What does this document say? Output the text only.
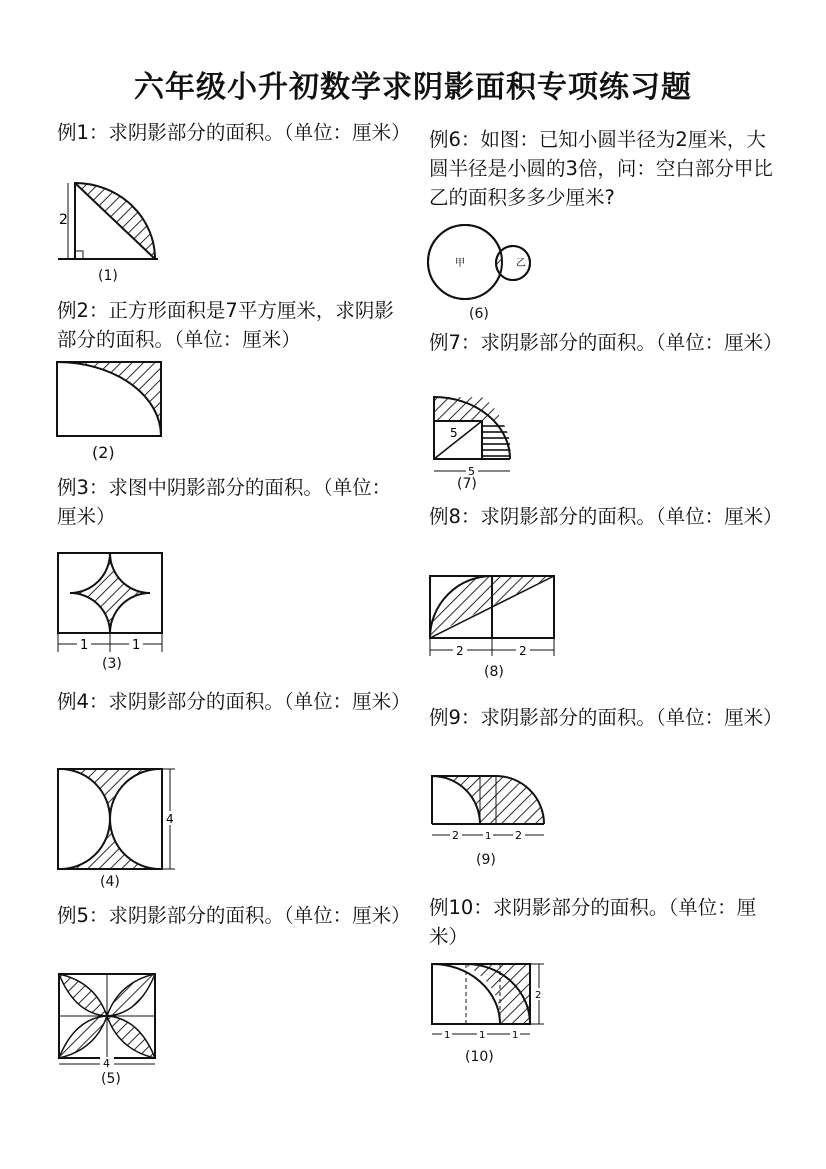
六年级小升初数学求阴影面积专项练习题
例1：求阴影部分的面积。（单位：厘米）
2
(1)
例2：正方形面积是7平方厘米，求阴影部分的面积。（单位：厘米）
(2)
例3：求图中阴影部分的面积。（单位：厘米）
1	1
(3)
例4：求阴影部分的面积。（单位：厘米）
4
(4)
例5：求阴影部分的面积。（单位：厘米）
4
(5)
例6：如图：已知小圆半径为2厘米，大圆半径是小圆的3倍，问：空白部分甲比乙的面积多多少厘米?
甲	乙
(6)
例7：求阴影部分的面积。（单位：厘米）
5
5
(7)
例8：求阴影部分的面积。（单位：厘米）
2	2
(8)
例9：求阴影部分的面积。（单位：厘米）
2	1 2
(9)
例10：求阴影部分的面积。（单位：厘米）
1	1	1
2
(10)
